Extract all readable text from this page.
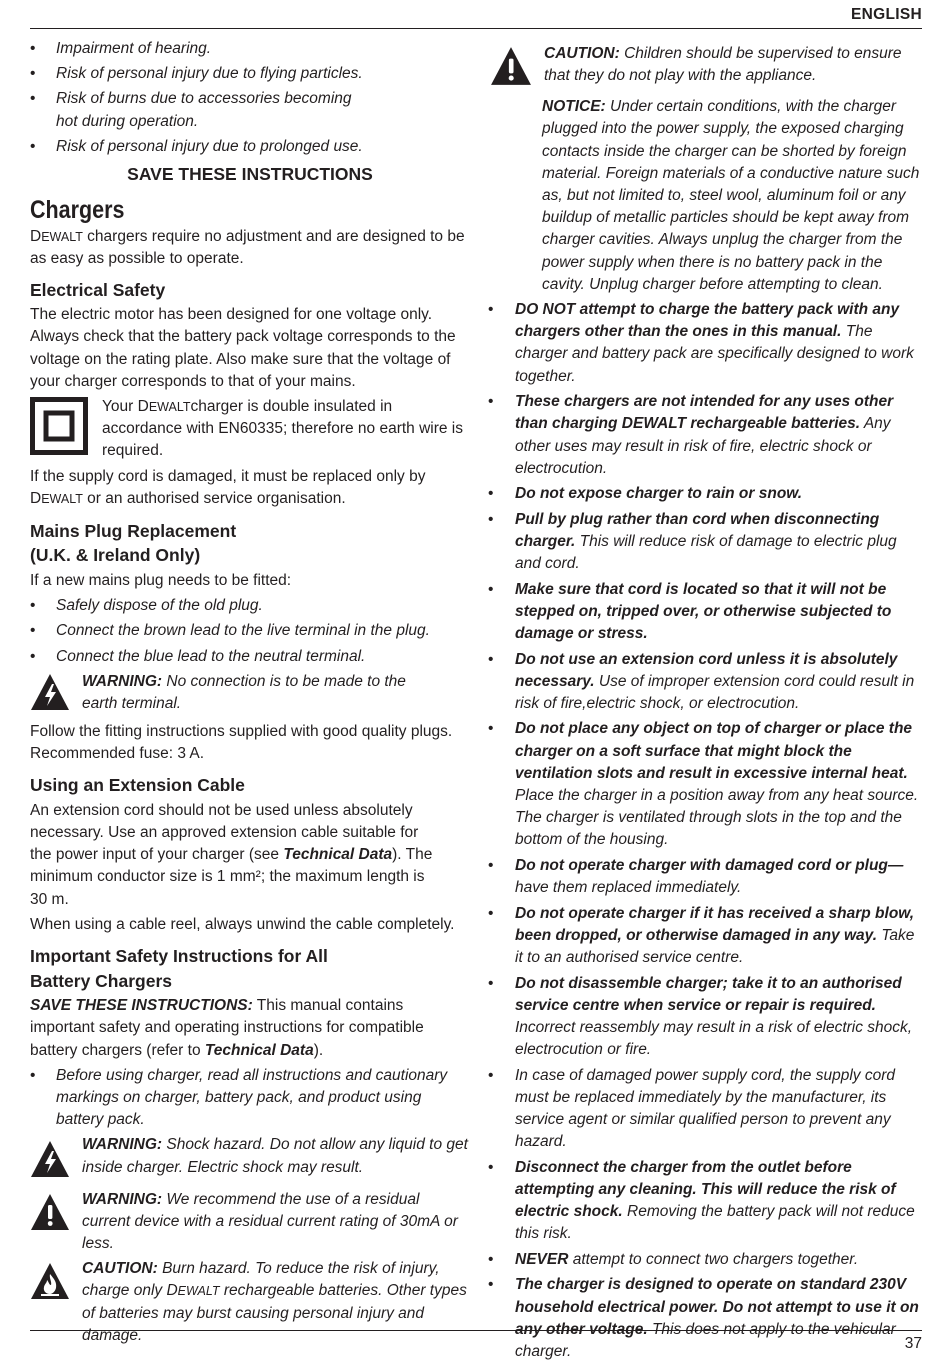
ENGLISH
• Impairment of hearing.
• Risk of personal injury due to flying particles.
• Risk of burns due to accessories becoming hot during operation.
• Risk of personal injury due to prolonged use.
SAVE THESE INSTRUCTIONS
Chargers

DEWALT chargers require no adjustment and are designed to be as easy as possible to operate.

Electrical Safety

The electric motor has been designed for one voltage only. Always check that the battery pack voltage corresponds to the voltage on the rating plate. Also make sure that the voltage of your charger corresponds to that of your mains.

Your DEWALTcharger is double insulated in accordance with EN60335; therefore no earth wire is required.

If the supply cord is damaged, it must be replaced only by DEWALT or an authorised service organisation.

Mains Plug Replacement
(U.K. & Ireland Only)

If a new mains plug needs to be fitted:

• Safely dispose of the old plug.
• Connect the brown lead to the live terminal in the plug.
• Connect the blue lead to the neutral terminal.
WARNING: No connection is to be made to the earth terminal.

Follow the fitting instructions supplied with good quality plugs. Recommended fuse: 3 A.

Using an Extension Cable

An extension cord should not be used unless absolutely necessary. Use an approved extension cable suitable for the power input of your charger (see Technical Data). The minimum conductor size is 1 mm²; the maximum length is 30 m.

When using a cable reel, always unwind the cable completely.

Important Safety Instructions for All
Battery Chargers

SAVE THESE INSTRUCTIONS: This manual contains important safety and operating instructions for compatible battery chargers (refer to Technical Data).

• Before using charger, read all instructions and cautionary markings on charger, battery pack, and product using battery pack.
WARNING: Shock hazard. Do not allow any liquid to get inside charger. Electric shock may result.
WARNING: We recommend the use of a residual current device with a residual current rating of 30mA or less.
CAUTION: Burn hazard. To reduce the risk of injury, charge only DEWALT rechargeable batteries. Other types of batteries may burst causing personal injury and damage.
CAUTION: Children should be supervised to ensure that they do not play with the appliance.
NOTICE: Under certain conditions, with the charger plugged into the power supply, the exposed charging contacts inside the charger can be shorted by foreign material. Foreign materials of a conductive nature such as, but not limited to, steel wool, aluminum foil or any buildup of metallic particles should be kept away from charger cavities. Always unplug the charger from the power supply when there is no battery pack in the cavity. Unplug charger before attempting to clean.
• DO NOT attempt to charge the battery pack with any chargers other than the ones in this manual. The charger and battery pack are specifically designed to work together.
• These chargers are not intended for any uses other than charging DEWALT rechargeable batteries. Any other uses may result in risk of fire, electric shock or electrocution.
• Do not expose charger to rain or snow.
• Pull by plug rather than cord when disconnecting charger. This will reduce risk of damage to electric plug and cord.
• Make sure that cord is located so that it will not be stepped on, tripped over, or otherwise subjected to damage or stress.
• Do not use an extension cord unless it is absolutely necessary. Use of improper extension cord could result in risk of fire,electric shock, or electrocution.
• Do not place any object on top of charger or place the charger on a soft surface that might block the ventilation slots and result in excessive internal heat. Place the charger in a position away from any heat source. The charger is ventilated through slots in the top and the bottom of the housing.
• Do not operate charger with damaged cord or plug—have them replaced immediately.
• Do not operate charger if it has received a sharp blow, been dropped, or otherwise damaged in any way. Take it to an authorised service centre.
• Do not disassemble charger; take it to an authorised service centre when service or repair is required. Incorrect reassembly may result in a risk of electric shock, electrocution or fire.
• In case of damaged power supply cord, the supply cord must be replaced immediately by the manufacturer, its service agent or similar qualified person to prevent any hazard.
• Disconnect the charger from the outlet before attempting any cleaning. This will reduce the risk of electric shock. Removing the battery pack will not reduce this risk.
• NEVER attempt to connect two chargers together.
• The charger is designed to operate on standard 230V household electrical power. Do not attempt to use it on any other voltage. This does not apply to the vehicular charger.	37
